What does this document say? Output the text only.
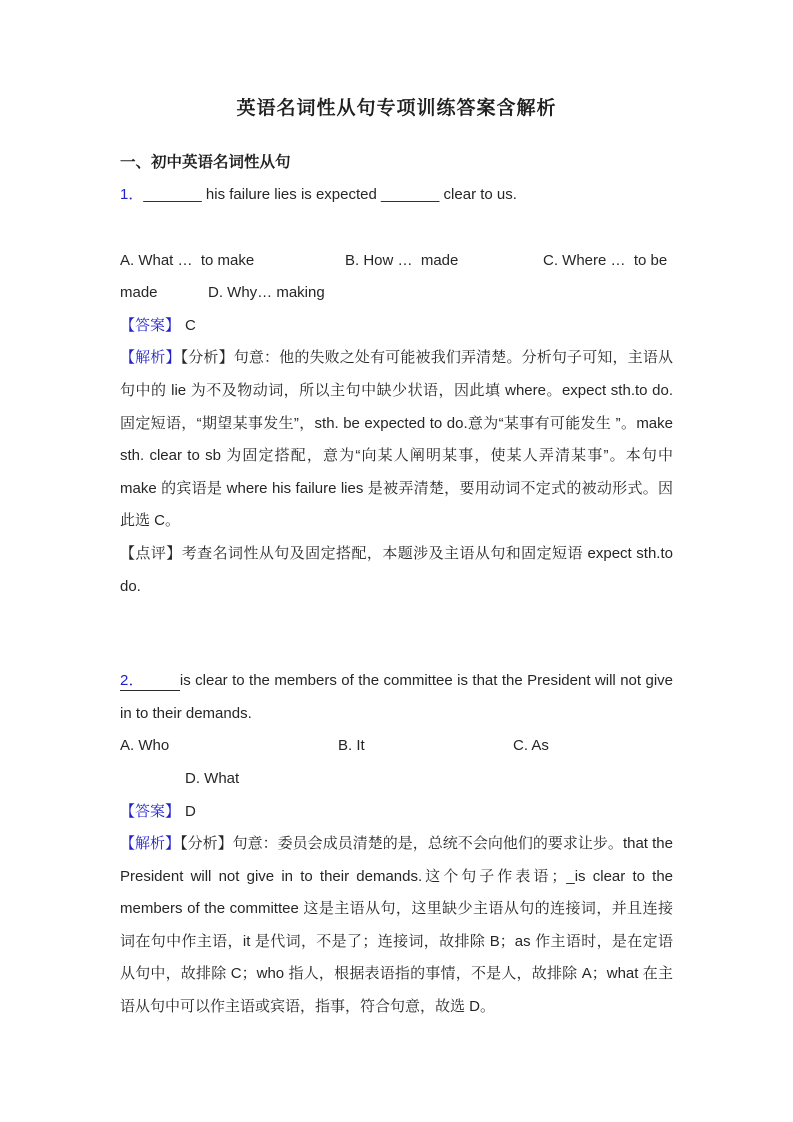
英语名词性从句专项训练答案含解析
一、初中英语名词性从句

1．_______ his failure lies is expected _______ clear to us.

A. What …  to make	B. How …  made	C. Where …  to be
made	D. Why… making

【答案】 C

【解析】【分析】句意：他的失败之处有可能被我们弄清楚。分析句子可知，主语从句中的 lie 为不及物动词，所以主句中缺少状语，因此填 where。expect sth.to do.固定短语，“期望某事发生”，sth. be expected to do.意为“某事有可能发生 ”。make sth. clear to sb 为固定搭配，意为“向某人阐明某事，使某人弄清某事”。本句中 make 的宾语是 where his failure lies 是被弄清楚，要用动词不定式的被动形式。因此选 C。

【点评】考查名词性从句及固定搭配，本题涉及主语从句和固定短语 expect sth.to do.

2． is clear to the members of the committee is that the President will not give in to their demands.

A. Who	B. It	C. As
D. What

【答案】 D

【解析】【分析】句意：委员会成员清楚的是，总统不会向他们的要求让步。that the President will not give in to their demands.这个句子作表语；_is clear to the members of the committee 这是主语从句，这里缺少主语从句的连接词，并且连接词在句中作主语，it 是代词，不是了；连接词，故排除 B；as 作主语时，是在定语从句中，故排除 C；who 指人，根据表语指的事情，不是人，故排除 A；what 在主语从句中可以作主语或宾语，指事，符合句意，故选 D。
